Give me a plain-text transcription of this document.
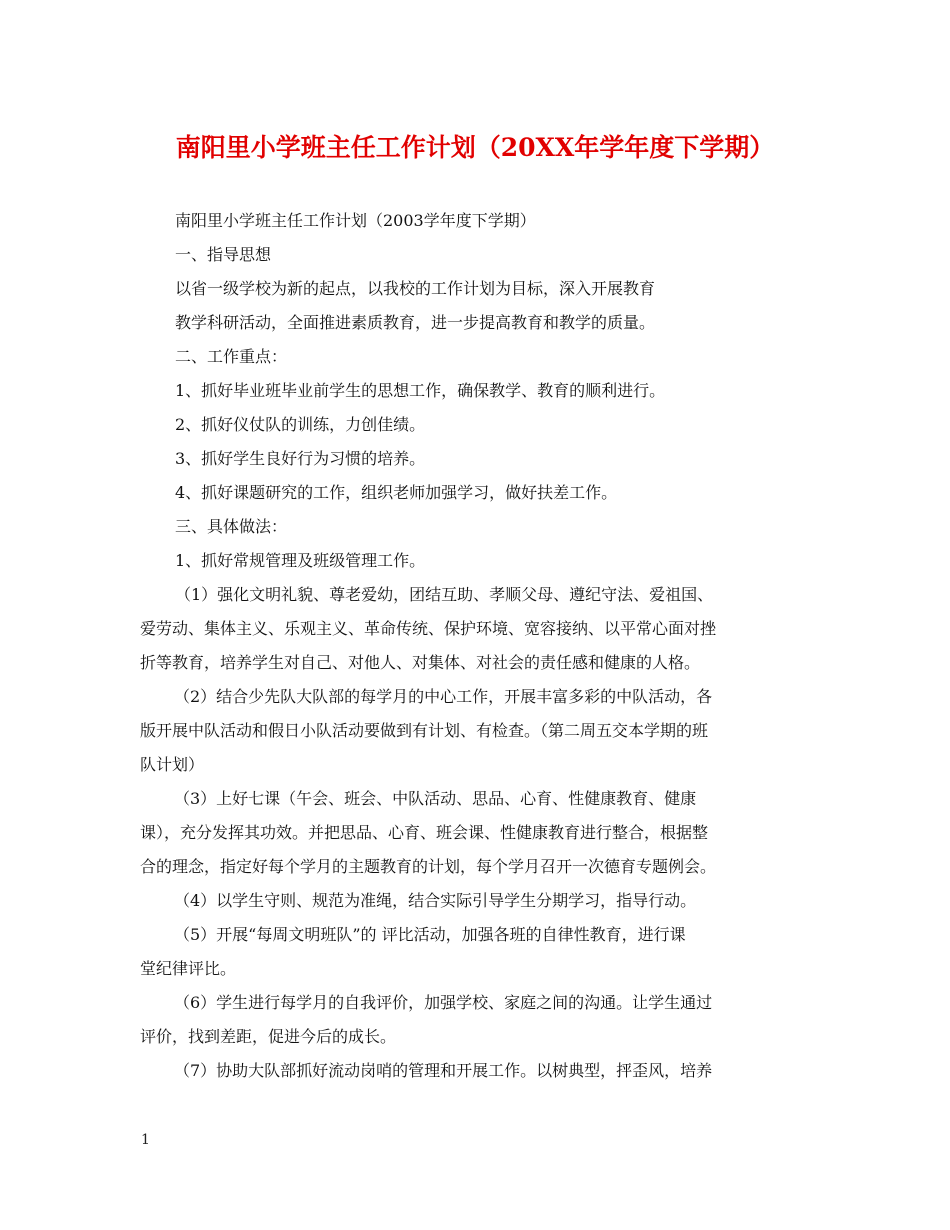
南阳里小学班主任工作计划（20XX年学年度下学期）
南阳里小学班主任工作计划（2003学年度下学期）
一、指导思想
以省一级学校为新的起点，以我校的工作计划为目标，深入开展教育
教学科研活动，全面推进素质教育，进一步提高教育和教学的质量。
二、工作重点：
1、抓好毕业班毕业前学生的思想工作，确保教学、教育的顺利进行。
2、抓好仪仗队的训练，力创佳绩。
3、抓好学生良好行为习惯的培养。
4、抓好课题研究的工作，组织老师加强学习，做好扶差工作。
三、具体做法：
1、抓好常规管理及班级管理工作。
（1）强化文明礼貌、尊老爱幼，团结互助、孝顺父母、遵纪守法、爱祖国、
爱劳动、集体主义、乐观主义、革命传统、保护环境、宽容接纳、以平常心面对挫
折等教育，培养学生对自己、对他人、对集体、对社会的责任感和健康的人格。
（2）结合少先队大队部的每学月的中心工作，开展丰富多彩的中队活动，各
版开展中队活动和假日小队活动要做到有计划、有检查。（第二周五交本学期的班
队计划）
（3）上好七课（午会、班会、中队活动、思品、心育、性健康教育、健康
课），充分发挥其功效。并把思品、心育、班会课、性健康教育进行整合，根据整
合的理念，指定好每个学月的主题教育的计划，每个学月召开一次德育专题例会。
（4）以学生守则、规范为准绳，结合实际引导学生分期学习，指导行动。
（5）开展“每周文明班队”的 评比活动，加强各班的自律性教育，进行课
堂纪律评比。
（6）学生进行每学月的自我评价，加强学校、家庭之间的沟通。让学生通过
评价，找到差距，促进今后的成长。
（7）协助大队部抓好流动岗哨的管理和开展工作。以树典型，抨歪风，培养
1
